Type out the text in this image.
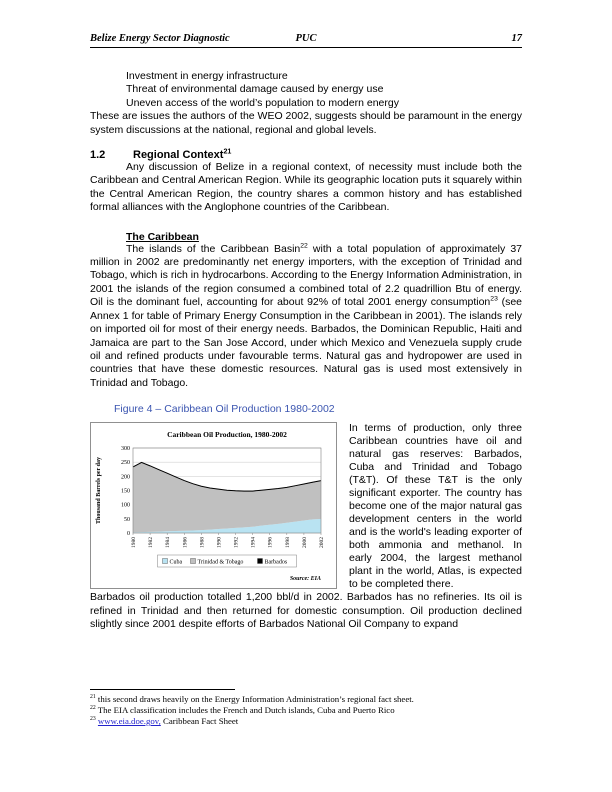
Belize Energy Sector Diagnostic	PUC	17
Investment in energy infrastructure
Threat of environmental damage caused by energy use
Uneven access of the world’s population to modern energy

These are issues the authors of the WEO 2002, suggests should be paramount in the energy system discussions at the national, regional and global levels.

1.2	Regional Context$^{21}$

Any discussion of Belize in a regional context, of necessity must include both the Caribbean and Central American Region. While its geographic location puts it squarely within the Central American Region, the country shares a common history and has established formal alliances with the Anglophone countries of the Caribbean.

The Caribbean

The islands of the Caribbean Basin$^{22}$ with a total population of approximately 37 million in 2002 are predominantly net energy importers, with the exception of Trinidad and Tobago, which is rich in hydrocarbons. According to the Energy Information Administration, in 2001 the islands of the region consumed a combined total of 2.2 quadrillion Btu of energy. Oil is the dominant fuel, accounting for about 92% of total 2001 energy consumption$^{23}$ (see Annex 1 for table of Primary Energy Consumption in the Caribbean in 2001). The islands rely on imported oil for most of their energy needs. Barbados, the Dominican Republic, Haiti and Jamaica are part to the San Jose Accord, under which Mexico and Venezuela supply crude oil and refined products under favourable terms. Natural gas and hydropower are used in countries that have these domestic resources. Natural gas is used most extensively in Trinidad and Tobago.

Figure 4 – Caribbean Oil Production 1980-2002
Caribbean Oil Production, 1980-2002
0
50
100
150
200
250
300
1980 1982 1984 1986 1988 1990 1992 1994 1996 1998 2000 2002
Thousand Barrels per day
Cuba	Trinidad & Tobago	Barbados
Source: EIA

In terms of production, only three Caribbean countries have oil and natural gas reserves: Barbados, Cuba and Trinidad and Tobago (T&T). Of these T&T is the only significant exporter. The country has become one of the major natural gas development centers in the world and is the world's leading exporter of both ammonia and methanol. In early 2004, the largest methanol plant in the world, Atlas, is expected to be completed there.

Barbados oil production totalled 1,200 bbl/d in 2002. Barbados has no refineries. Its oil is refined in Trinidad and then returned for domestic consumption. Oil production declined slightly since 2001 despite efforts of Barbados National Oil Company to expand

$^{21}$ this second draws heavily on the Energy Information Administration’s regional fact sheet.
$^{22}$ The EIA classification includes the French and Dutch islands, Cuba and Puerto Rico
$^{23}$ www.eia.doe.gov, Caribbean Fact Sheet
